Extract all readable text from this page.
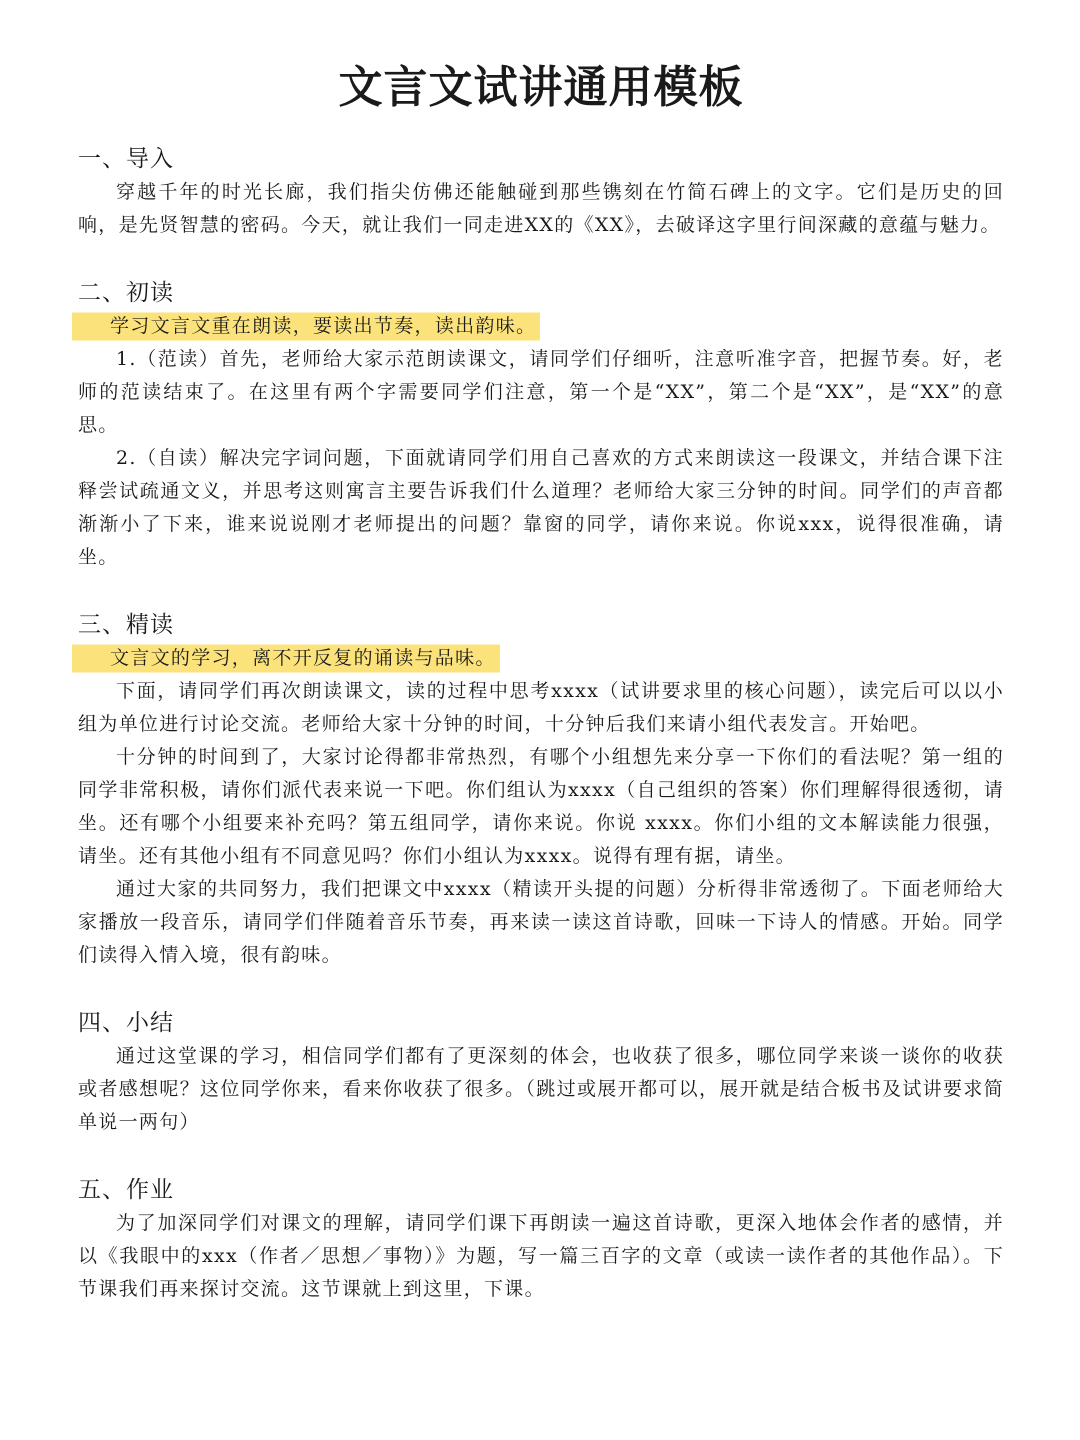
文言文试讲通用模板
一、导入

穿越千年的时光长廊，我们指尖仿佛还能触碰到那些镌刻在竹简石碑上的文字。它们是历史的回响，是先贤智慧的密码。今天，就让我们一同走进XX的《XX》，去破译这字里行间深藏的意蕴与魅力。

二、初读
学习文言文重在朗读，要读出节奏，读出韵味。

1.（范读）首先，老师给大家示范朗读课文，请同学们仔细听，注意听准字音，把握节奏。好，老师的范读结束了。在这里有两个字需要同学们注意，第一个是“XX”，第二个是“XX”，是“XX”的意思。

2.（自读）解决完字词问题，下面就请同学们用自己喜欢的方式来朗读这一段课文，并结合课下注释尝试疏通文义，并思考这则寓言主要告诉我们什么道理？老师给大家三分钟的时间。同学们的声音都渐渐小了下来，谁来说说刚才老师提出的问题？靠窗的同学，请你来说。你说xxx，说得很准确，请坐。

三、精读
文言文的学习，离不开反复的诵读与品味。

下面，请同学们再次朗读课文，读的过程中思考xxxx（试讲要求里的核心问题），读完后可以以小组为单位进行讨论交流。老师给大家十分钟的时间，十分钟后我们来请小组代表发言。开始吧。

十分钟的时间到了，大家讨论得都非常热烈，有哪个小组想先来分享一下你们的看法呢？第一组的同学非常积极，请你们派代表来说一下吧。你们组认为xxxx（自己组织的答案）你们理解得很透彻，请坐。还有哪个小组要来补充吗？第五组同学，请你来说。你说 xxxx。你们小组的文本解读能力很强，请坐。还有其他小组有不同意见吗？你们小组认为xxxx。说得有理有据，请坐。

通过大家的共同努力，我们把课文中xxxx（精读开头提的问题）分析得非常透彻了。下面老师给大家播放一段音乐，请同学们伴随着音乐节奏，再来读一读这首诗歌，回味一下诗人的情感。开始。同学们读得入情入境，很有韵味。

四、小结

通过这堂课的学习，相信同学们都有了更深刻的体会，也收获了很多，哪位同学来谈一谈你的收获或者感想呢？这位同学你来，看来你收获了很多。（跳过或展开都可以，展开就是结合板书及试讲要求简单说一两句）

五、作业

为了加深同学们对课文的理解，请同学们课下再朗读一遍这首诗歌，更深入地体会作者的感情，并以《我眼中的xxx（作者／思想／事物）》为题，写一篇三百字的文章（或读一读作者的其他作品）。下节课我们再来探讨交流。这节课就上到这里，下课。
